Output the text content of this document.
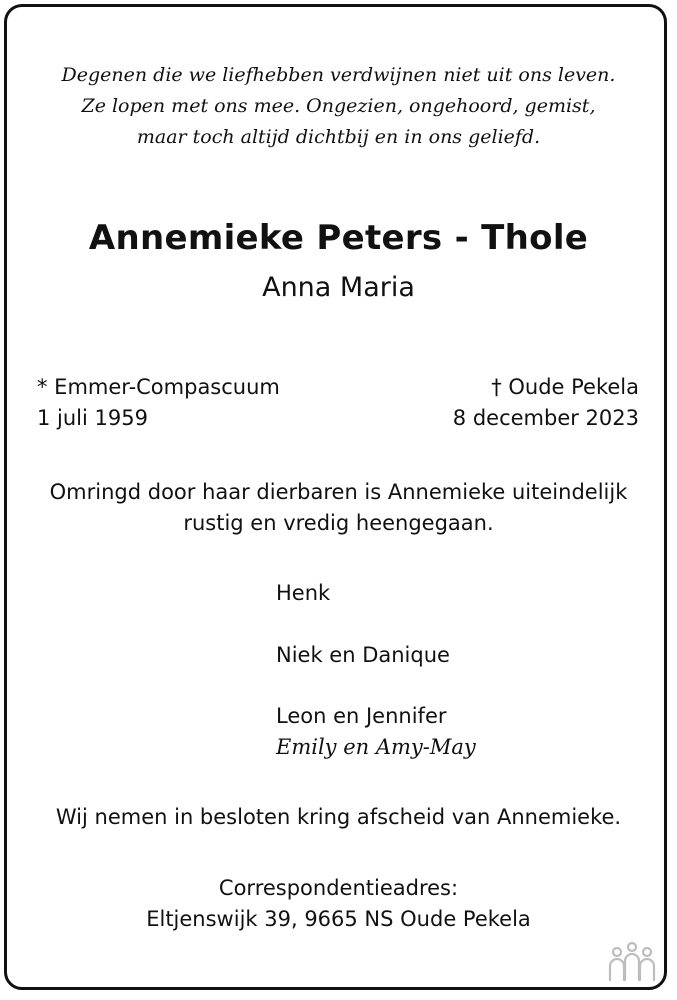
Degenen die we liefhebben verdwijnen niet uit ons leven.
Ze lopen met ons mee. Ongezien, ongehoord, gemist,
maar toch altijd dichtbij en in ons geliefd.
Annemieke Peters - Thole
Anna Maria
* Emmer-Compascuum
1 juli 1959
† Oude Pekela
8 december 2023
Omringd door haar dierbaren is Annemieke uiteindelijk
rustig en vredig heengegaan.
Henk
Niek en Danique
Leon en Jennifer
Emily en Amy-May
Wij nemen in besloten kring afscheid van Annemieke.
Correspondentieadres:
Eltjenswijk 39, 9665 NS Oude Pekela
